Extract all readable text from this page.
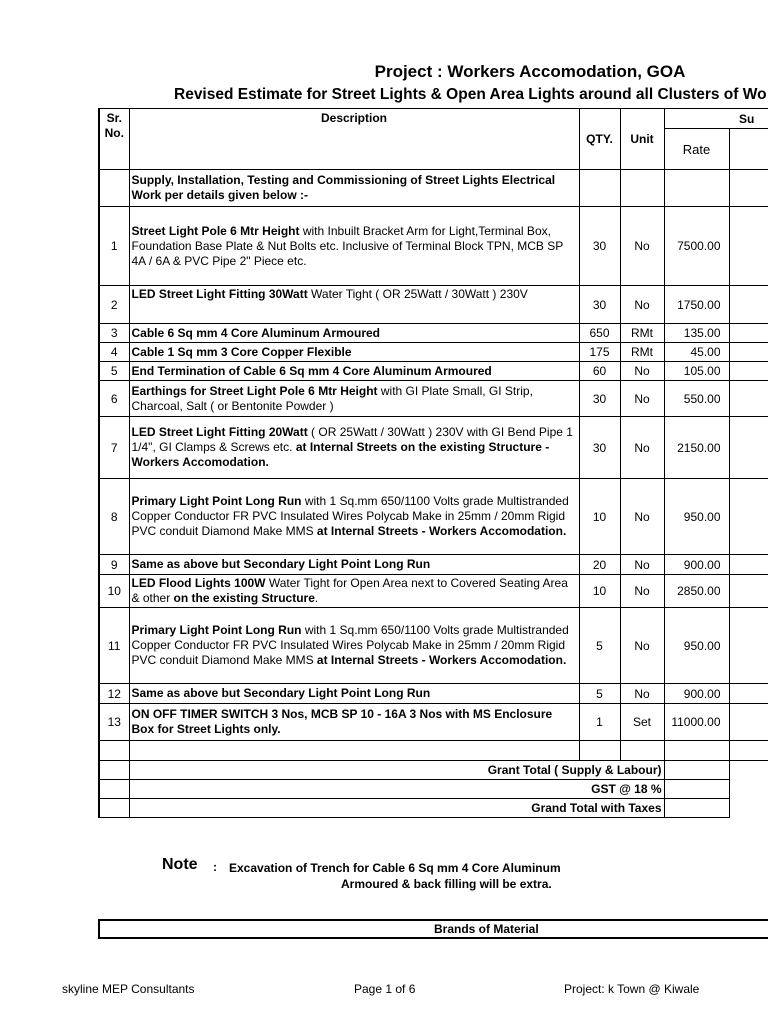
Project : Workers Accomodation, GOA
Revised Estimate for Street Lights & Open Area Lights around all Clusters of Wo
Sr. No.	Description	QTY.	Unit		Su
				Rate	

	Supply, Installation, Testing and Commissioning of Street Lights Electrical Work per details given below :-				
1	Street Light Pole 6 Mtr Height with Inbuilt Bracket Arm for Light,Terminal Box, Foundation Base Plate & Nut Bolts etc. Inclusive of Terminal Block TPN, MCB SP 4A / 6A & PVC Pipe 2" Piece etc.	30	No	7500.00	
2	LED Street Light Fitting 30Watt Water Tight ( OR 25Watt / 30Watt ) 230V	30	No	1750.00	
3	Cable 6 Sq mm 4 Core Aluminum Armoured	650	RMt	135.00	
4	Cable 1 Sq mm 3 Core Copper Flexible	175	RMt	45.00	
5	End Termination of Cable 6 Sq mm 4 Core Aluminum Armoured	60	No	105.00	
6	Earthings for Street Light Pole 6 Mtr Height with GI Plate Small, GI Strip, Charcoal, Salt ( or Bentonite Powder )	30	No	550.00	
7	LED Street Light Fitting 20Watt ( OR 25Watt / 30Watt ) 230V with GI Bend Pipe 1 1/4", GI Clamps & Screws etc. at Internal Streets on the existing Structure - Workers Accomodation.	30	No	2150.00	
8	Primary Light Point Long Run with 1 Sq.mm 650/1100 Volts grade Multistranded Copper Conductor FR PVC Insulated Wires Polycab Make in 25mm / 20mm Rigid PVC conduit Diamond Make MMS at Internal Streets - Workers Accomodation.	10	No	950.00	
9	Same as above but Secondary Light Point Long Run	20	No	900.00	
10	LED Flood Lights 100W Water Tight for Open Area next to Covered Seating Area & other on the existing Structure.	10	No	2850.00	
11	Primary Light Point Long Run with 1 Sq.mm 650/1100 Volts grade Multistranded Copper Conductor FR PVC Insulated Wires Polycab Make in 25mm / 20mm Rigid PVC conduit Diamond Make MMS at Internal Streets - Workers Accomodation.	5	No	950.00	
12	Same as above but Secondary Light Point Long Run	5	No	900.00	
13	ON OFF TIMER SWITCH 3 Nos, MCB SP 10 - 16A 3 Nos with MS Enclosure Box for Street Lights only.	1	Set	11000.00	

	Grant Total ( Supply & Labour)				
	GST @ 18 %				
	Grand Total with Taxes				
Note : Excavation of Trench for Cable 6 Sq mm 4 Core Aluminum
Armoured & back filling will be extra.
Brands of Material
skyline MEP Consultants	Page 1 of 6	Project: k Town @ Kiwale
